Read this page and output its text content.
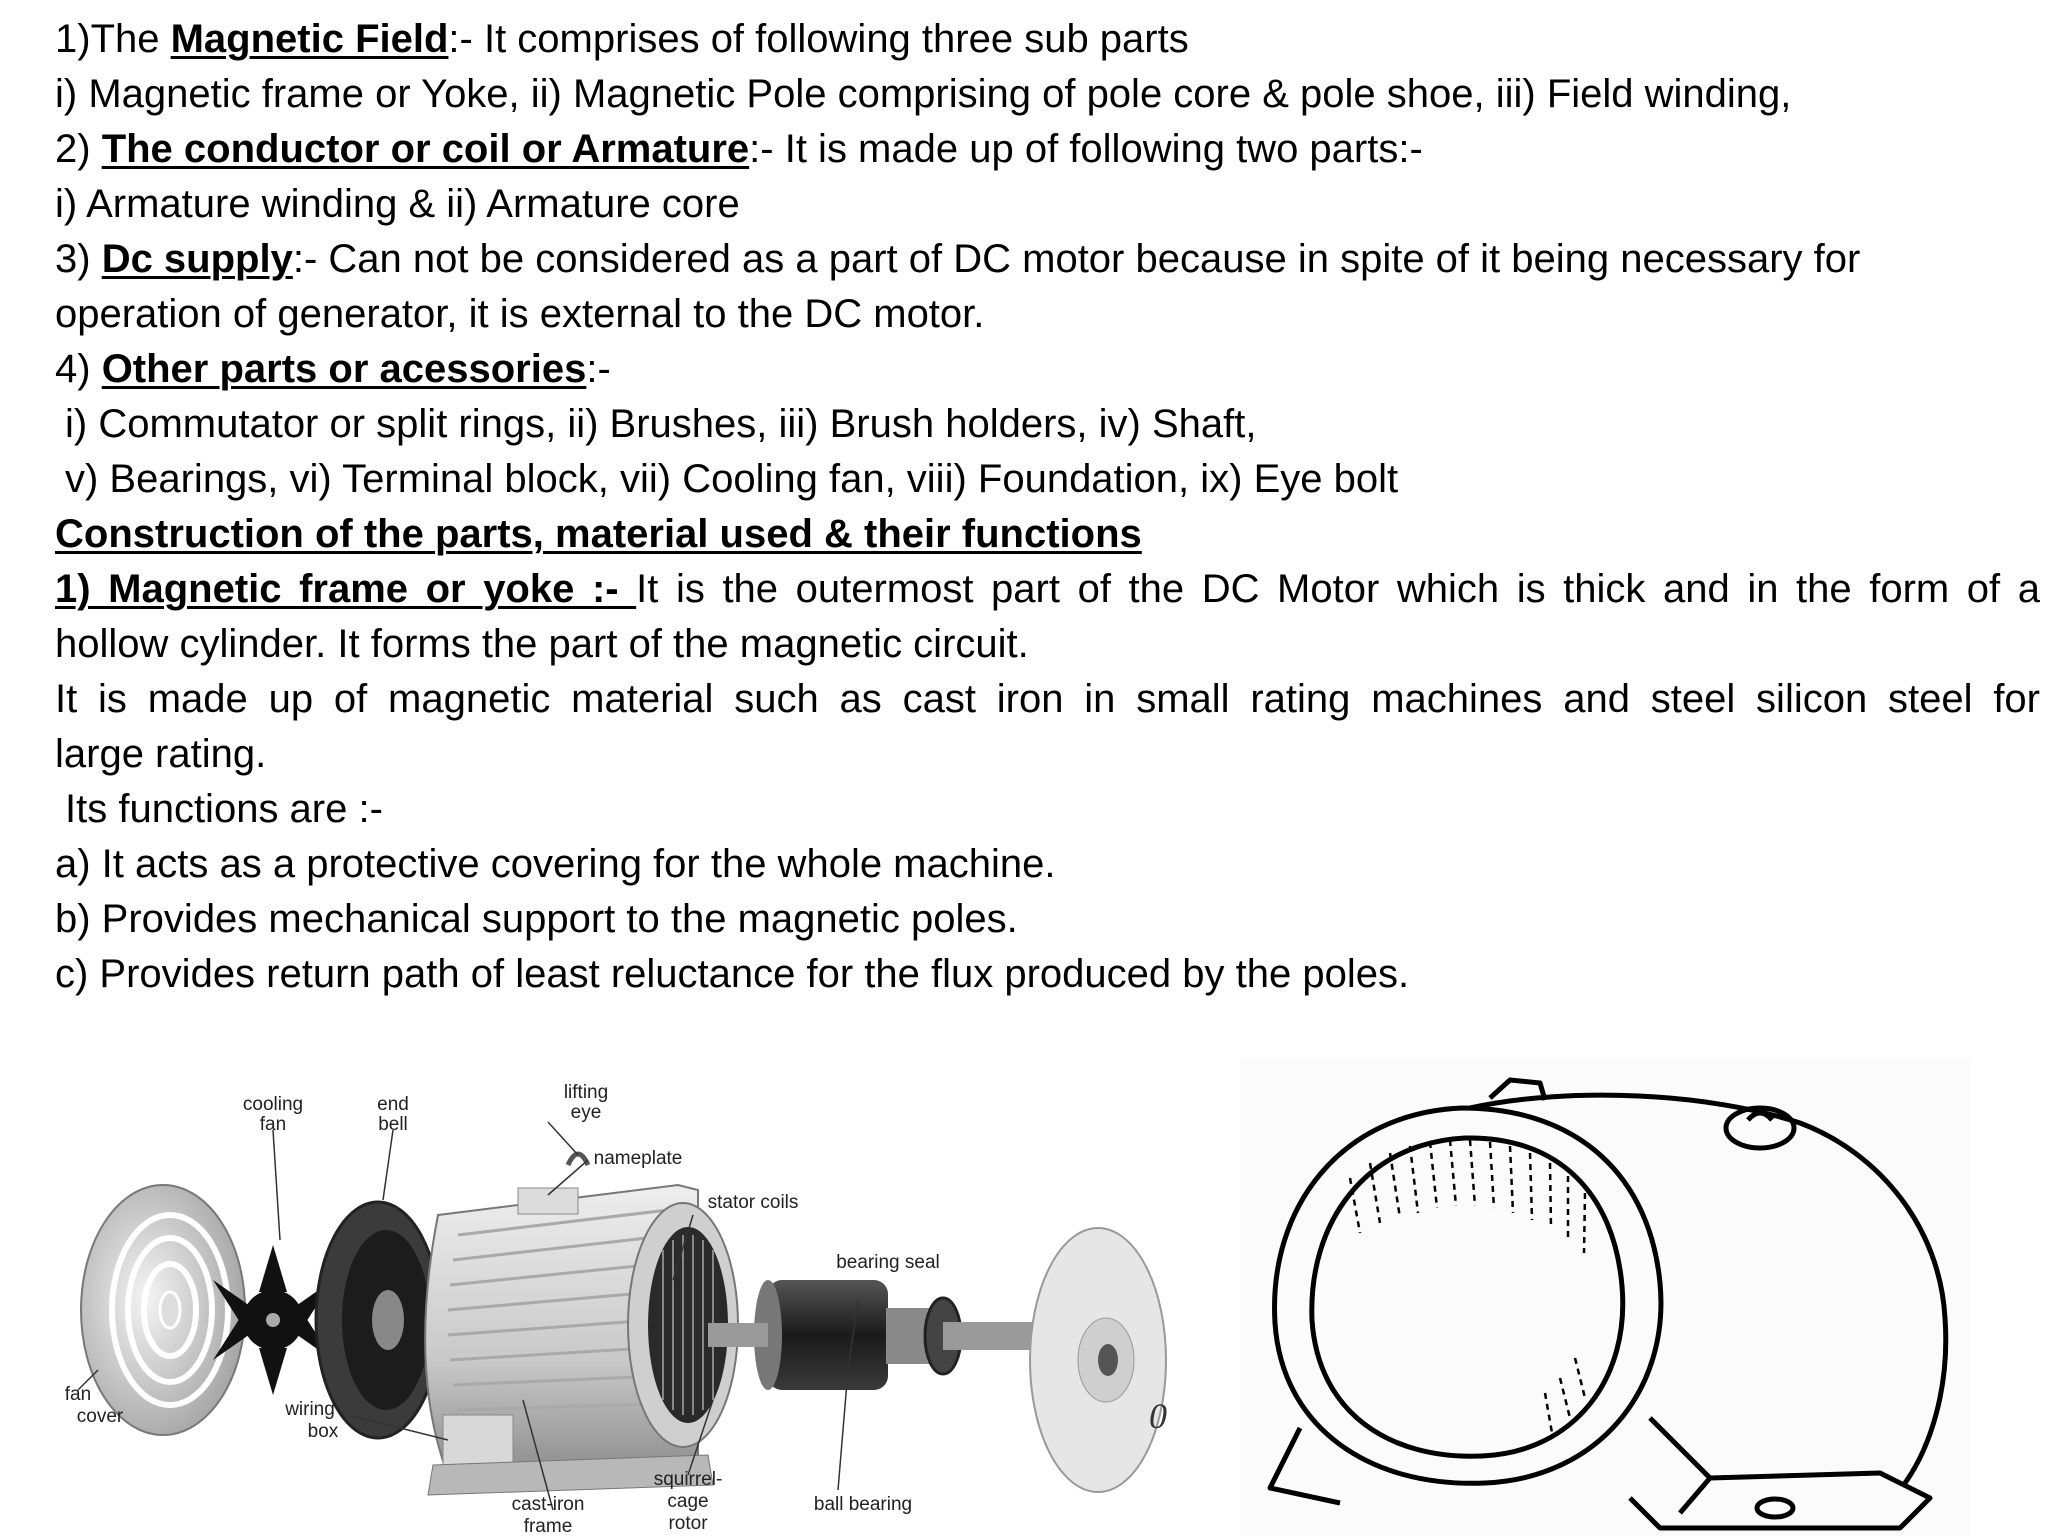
1)The Magnetic Field:- It comprises of following three sub parts
i) Magnetic frame or Yoke, ii) Magnetic Pole comprising of pole core & pole shoe, iii) Field winding,
2) The conductor or coil or Armature:- It is made up of following two parts:-
i) Armature winding & ii) Armature core
3) Dc supply:- Can not be considered as a part of DC motor because in spite of it being necessary for
operation of generator, it is external to the DC motor.
4) Other parts or acessories:-
i) Commutator or split rings, ii) Brushes, iii) Brush holders, iv) Shaft,
v) Bearings, vi) Terminal block, vii) Cooling fan, viii) Foundation, ix) Eye bolt
Construction of the parts, material used & their functions
1) Magnetic frame or yoke :- It is the outermost part of the DC Motor which is thick and in the form of a
hollow cylinder. It forms the part of the magnetic circuit.
It is made up of magnetic material such as cast iron in small rating machines and steel silicon steel for
large rating.
Its functions are :-
a) It acts as a protective covering for the whole machine.
b) Provides mechanical support to the magnetic poles.
c) Provides return path of least reluctance for the flux produced by the poles.
cooling
fan
end
bell
lifting
eye
nameplate
stator coils
bearing seal
fan
cover	wiring
box
cast-iron
frame
squirrel-
cage
rotor
ball bearing
0
